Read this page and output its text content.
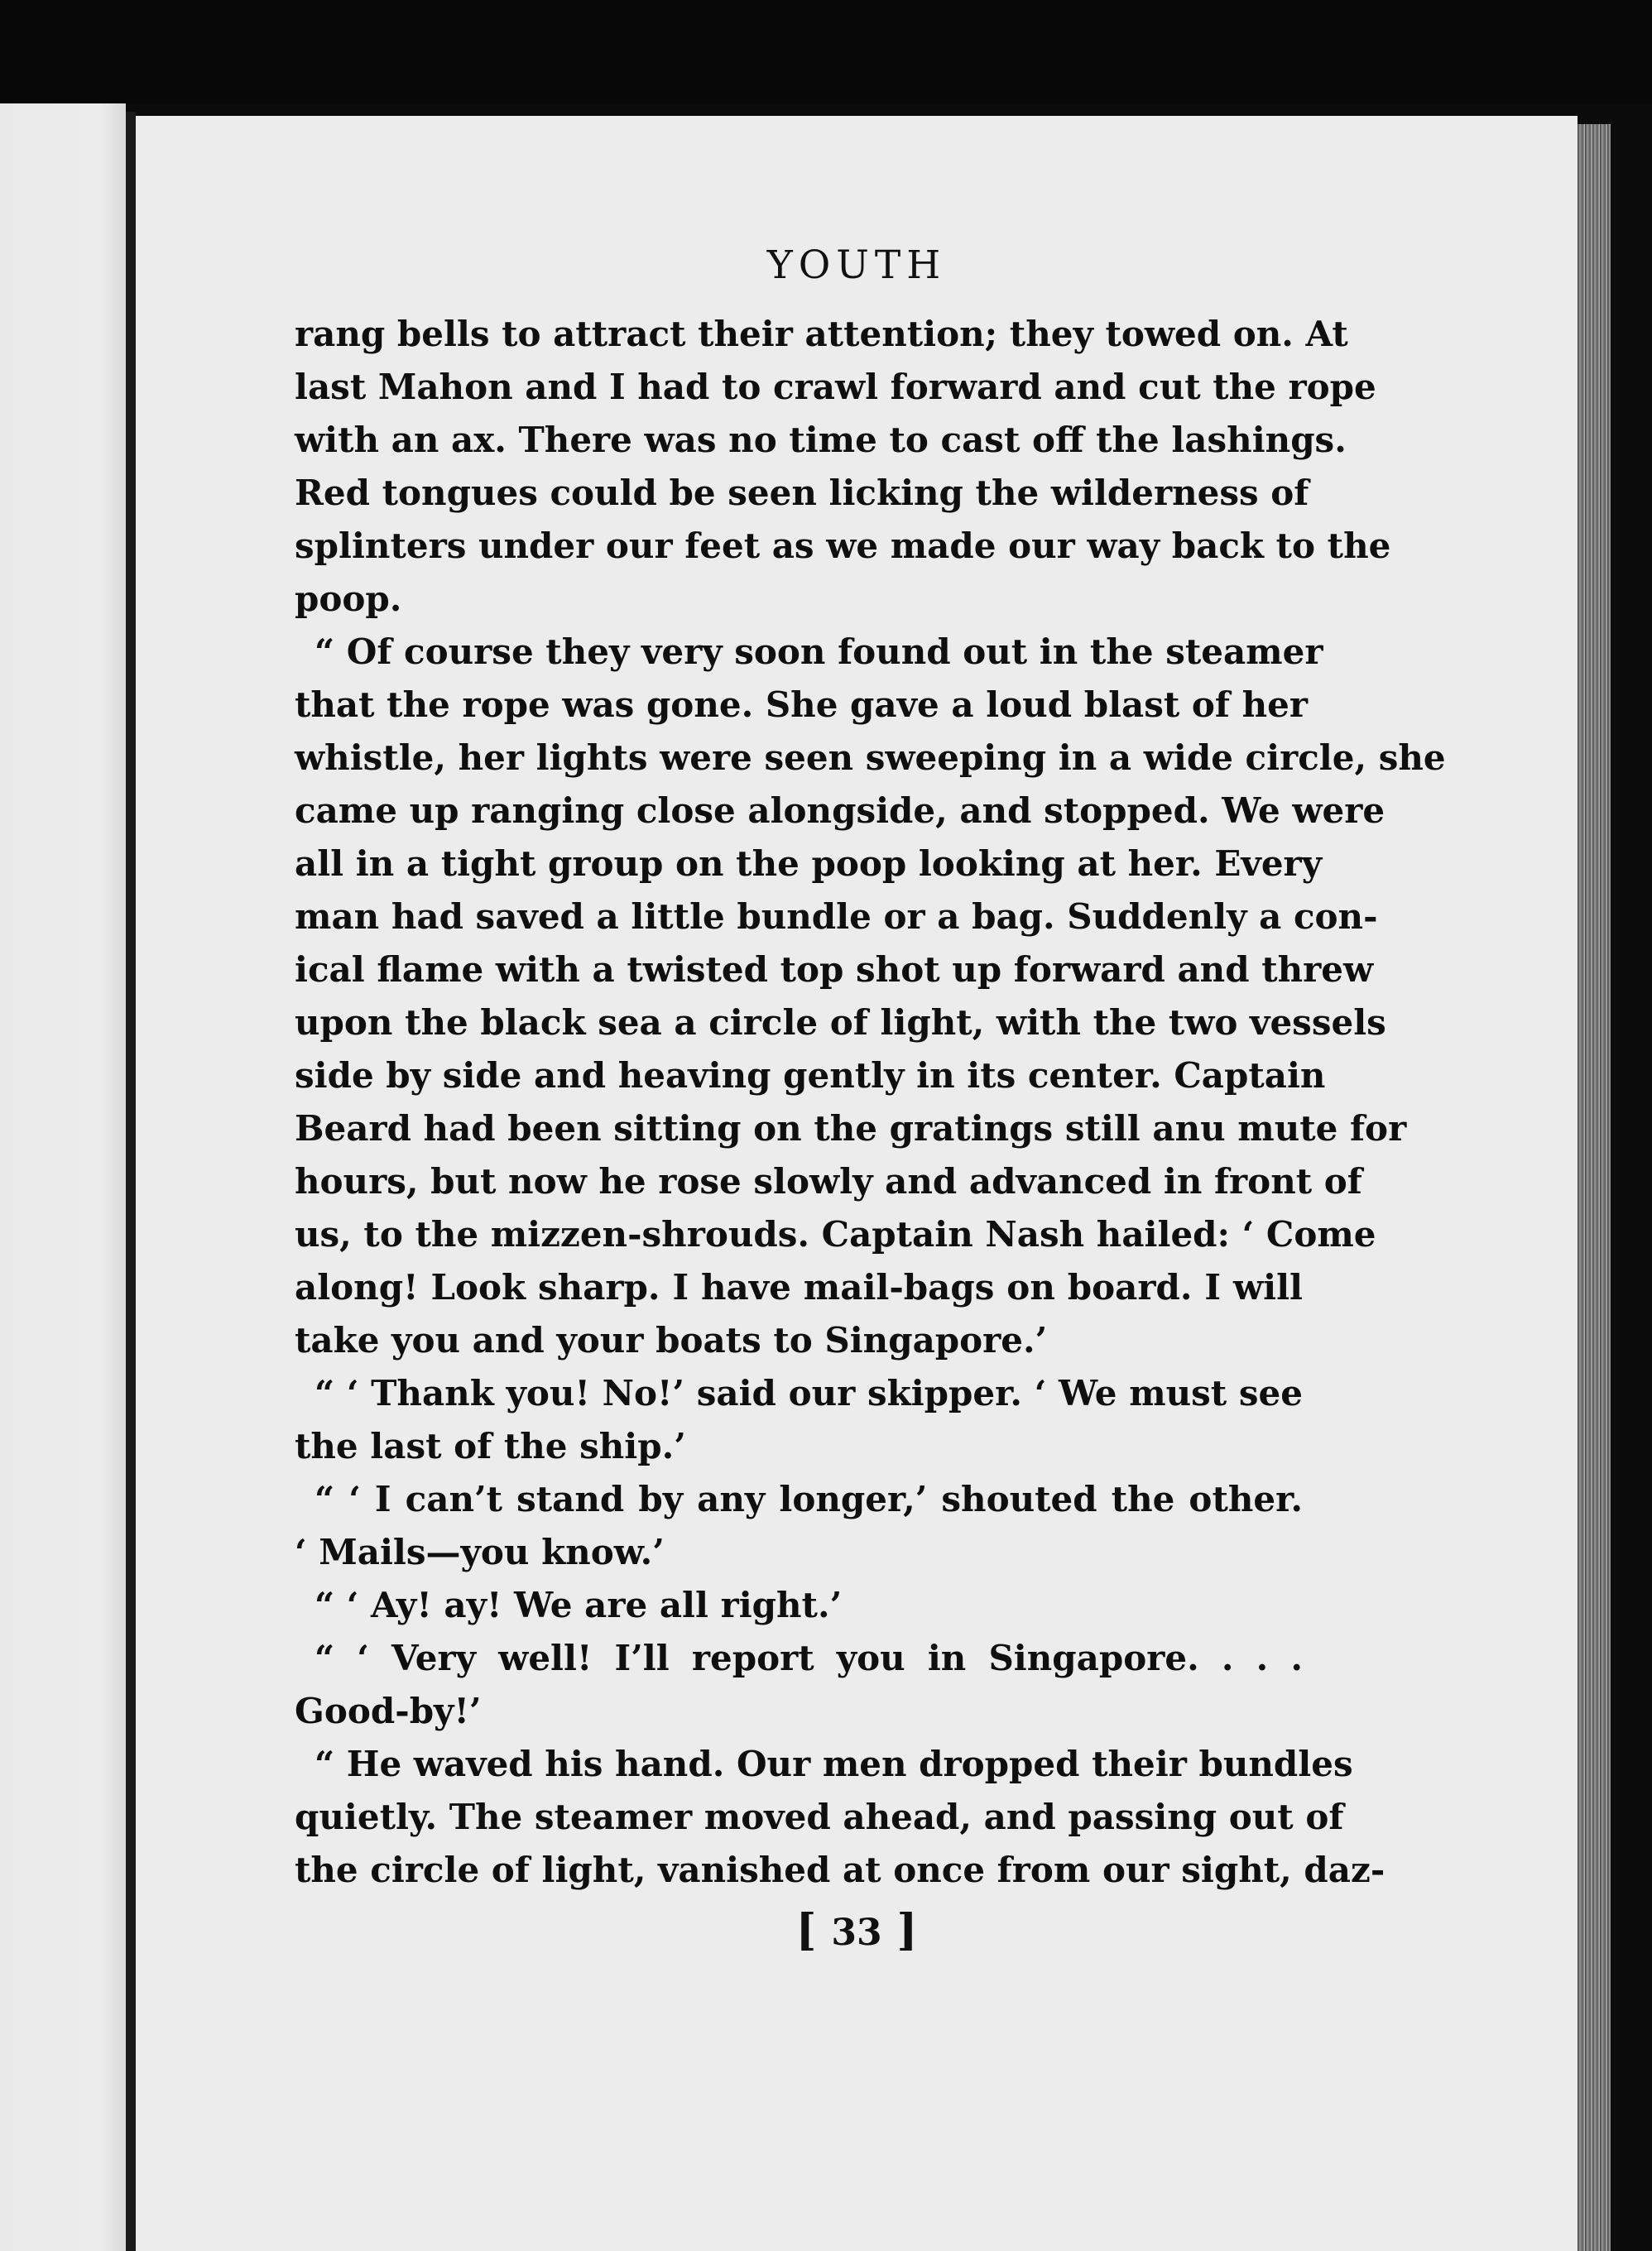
YOUTH
rang bells to attract their attention; they towed on. At
last Mahon and I had to crawl forward and cut the rope
with an ax. There was no time to cast off the lashings.
Red tongues could be seen licking the wilderness of
splinters under our feet as we made our way back to the
poop.
“ Of course they very soon found out in the steamer
that the rope was gone. She gave a loud blast of her
whistle, her lights were seen sweeping in a wide circle, she
came up ranging close alongside, and stopped. We were
all in a tight group on the poop looking at her. Every
man had saved a little bundle or a bag. Suddenly a con-
ical flame with a twisted top shot up forward and threw
upon the black sea a circle of light, with the two vessels
side by side and heaving gently in its center. Captain
Beard had been sitting on the gratings still anu mute for
hours, but now he rose slowly and advanced in front of
us, to the mizzen-shrouds. Captain Nash hailed: ‘ Come
along! Look sharp. I have mail-bags on board. I will
take you and your boats to Singapore.’
“ ‘ Thank you! No!’ said our skipper. ‘ We must see
the last of the ship.’
“ ‘ I can’t stand by any longer,’ shouted the other.
‘ Mails—you know.’
“ ‘ Ay! ay! We are all right.’
“ ‘ Very well! I’ll report you in Singapore. . . .
Good-by!’
“ He waved his hand. Our men dropped their bundles
quietly. The steamer moved ahead, and passing out of
the circle of light, vanished at once from our sight, daz-
[ 33 ]
